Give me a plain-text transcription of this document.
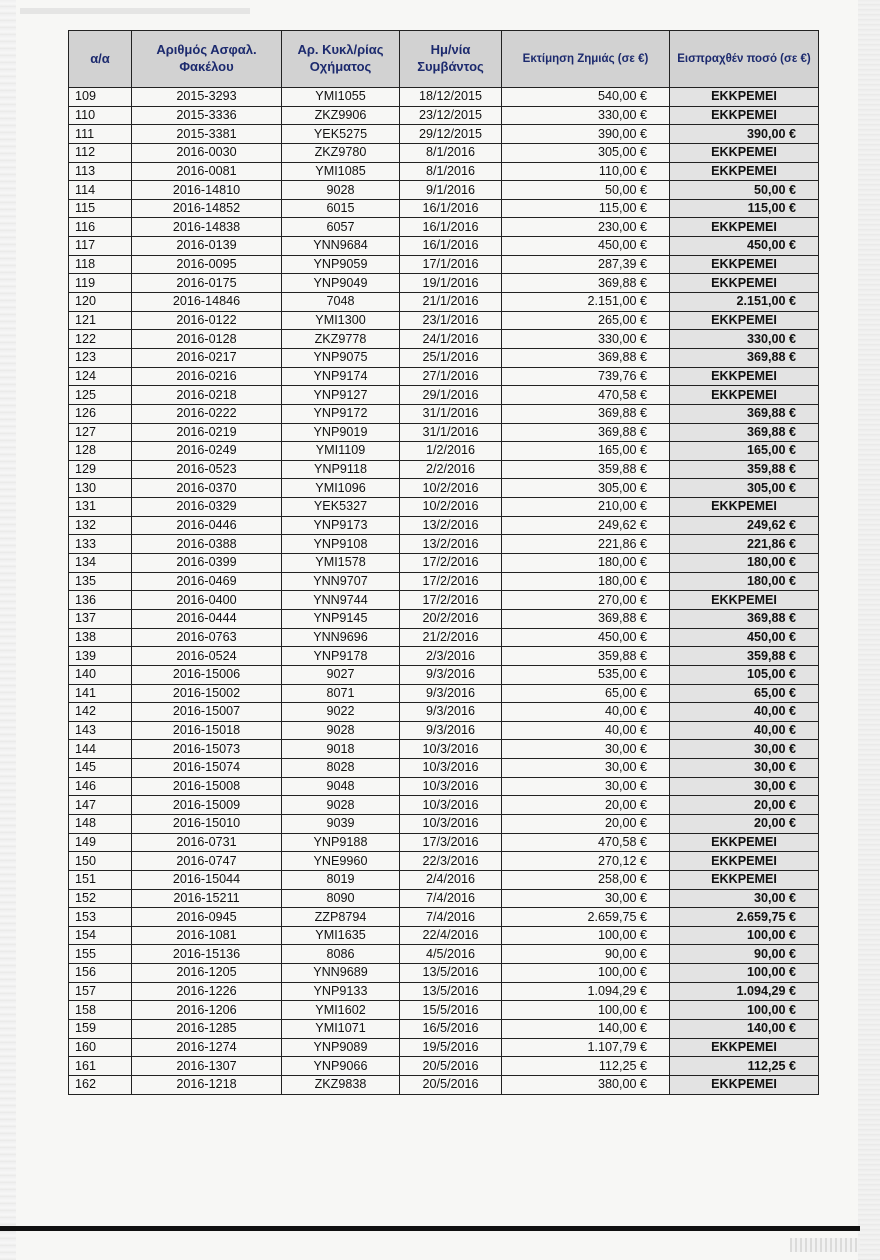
α/α	Αριθμός Ασφαλ. Φακέλου	Αρ. Κυκλ/ρίας Οχήματος	Ημ/νία Συμβάντος	Εκτίμηση Ζημιάς (σε €)	Εισπραχθέν ποσό (σε €)
109	2015-3293	YMI1055	18/12/2015	540,00 €	ΕΚΚΡΕΜΕΙ
110	2015-3336	ZKZ9906	23/12/2015	330,00 €	ΕΚΚΡΕΜΕΙ
111	2015-3381	YEK5275	29/12/2015	390,00 €	390,00 €
112	2016-0030	ZKZ9780	8/1/2016	305,00 €	ΕΚΚΡΕΜΕΙ
113	2016-0081	YMI1085	8/1/2016	110,00 €	ΕΚΚΡΕΜΕΙ
114	2016-14810	9028	9/1/2016	50,00 €	50,00 €
115	2016-14852	6015	16/1/2016	115,00 €	115,00 €
116	2016-14838	6057	16/1/2016	230,00 €	ΕΚΚΡΕΜΕΙ
117	2016-0139	YNN9684	16/1/2016	450,00 €	450,00 €
118	2016-0095	YNP9059	17/1/2016	287,39 €	ΕΚΚΡΕΜΕΙ
119	2016-0175	YNP9049	19/1/2016	369,88 €	ΕΚΚΡΕΜΕΙ
120	2016-14846	7048	21/1/2016	2.151,00 €	2.151,00 €
121	2016-0122	YMI1300	23/1/2016	265,00 €	ΕΚΚΡΕΜΕΙ
122	2016-0128	ZKZ9778	24/1/2016	330,00 €	330,00 €
123	2016-0217	YNP9075	25/1/2016	369,88 €	369,88 €
124	2016-0216	YNP9174	27/1/2016	739,76 €	ΕΚΚΡΕΜΕΙ
125	2016-0218	YNP9127	29/1/2016	470,58 €	ΕΚΚΡΕΜΕΙ
126	2016-0222	YNP9172	31/1/2016	369,88 €	369,88 €
127	2016-0219	YNP9019	31/1/2016	369,88 €	369,88 €
128	2016-0249	YMI1109	1/2/2016	165,00 €	165,00 €
129	2016-0523	YNP9118	2/2/2016	359,88 €	359,88 €
130	2016-0370	YMI1096	10/2/2016	305,00 €	305,00 €
131	2016-0329	YEK5327	10/2/2016	210,00 €	ΕΚΚΡΕΜΕΙ
132	2016-0446	YNP9173	13/2/2016	249,62 €	249,62 €
133	2016-0388	YNP9108	13/2/2016	221,86 €	221,86 €
134	2016-0399	YMI1578	17/2/2016	180,00 €	180,00 €
135	2016-0469	YNN9707	17/2/2016	180,00 €	180,00 €
136	2016-0400	YNN9744	17/2/2016	270,00 €	ΕΚΚΡΕΜΕΙ
137	2016-0444	YNP9145	20/2/2016	369,88 €	369,88 €
138	2016-0763	YNN9696	21/2/2016	450,00 €	450,00 €
139	2016-0524	YNP9178	2/3/2016	359,88 €	359,88 €
140	2016-15006	9027	9/3/2016	535,00 €	105,00 €
141	2016-15002	8071	9/3/2016	65,00 €	65,00 €
142	2016-15007	9022	9/3/2016	40,00 €	40,00 €
143	2016-15018	9028	9/3/2016	40,00 €	40,00 €
144	2016-15073	9018	10/3/2016	30,00 €	30,00 €
145	2016-15074	8028	10/3/2016	30,00 €	30,00 €
146	2016-15008	9048	10/3/2016	30,00 €	30,00 €
147	2016-15009	9028	10/3/2016	20,00 €	20,00 €
148	2016-15010	9039	10/3/2016	20,00 €	20,00 €
149	2016-0731	YNP9188	17/3/2016	470,58 €	ΕΚΚΡΕΜΕΙ
150	2016-0747	YNE9960	22/3/2016	270,12 €	ΕΚΚΡΕΜΕΙ
151	2016-15044	8019	2/4/2016	258,00 €	ΕΚΚΡΕΜΕΙ
152	2016-15211	8090	7/4/2016	30,00 €	30,00 €
153	2016-0945	ZZP8794	7/4/2016	2.659,75 €	2.659,75 €
154	2016-1081	YMI1635	22/4/2016	100,00 €	100,00 €
155	2016-15136	8086	4/5/2016	90,00 €	90,00 €
156	2016-1205	YNN9689	13/5/2016	100,00 €	100,00 €
157	2016-1226	YNP9133	13/5/2016	1.094,29 €	1.094,29 €
158	2016-1206	YMI1602	15/5/2016	100,00 €	100,00 €
159	2016-1285	YMI1071	16/5/2016	140,00 €	140,00 €
160	2016-1274	YNP9089	19/5/2016	1.107,79 €	ΕΚΚΡΕΜΕΙ
161	2016-1307	YNP9066	20/5/2016	112,25 €	112,25 €
162	2016-1218	ZKZ9838	20/5/2016	380,00 €	ΕΚΚΡΕΜΕΙ
